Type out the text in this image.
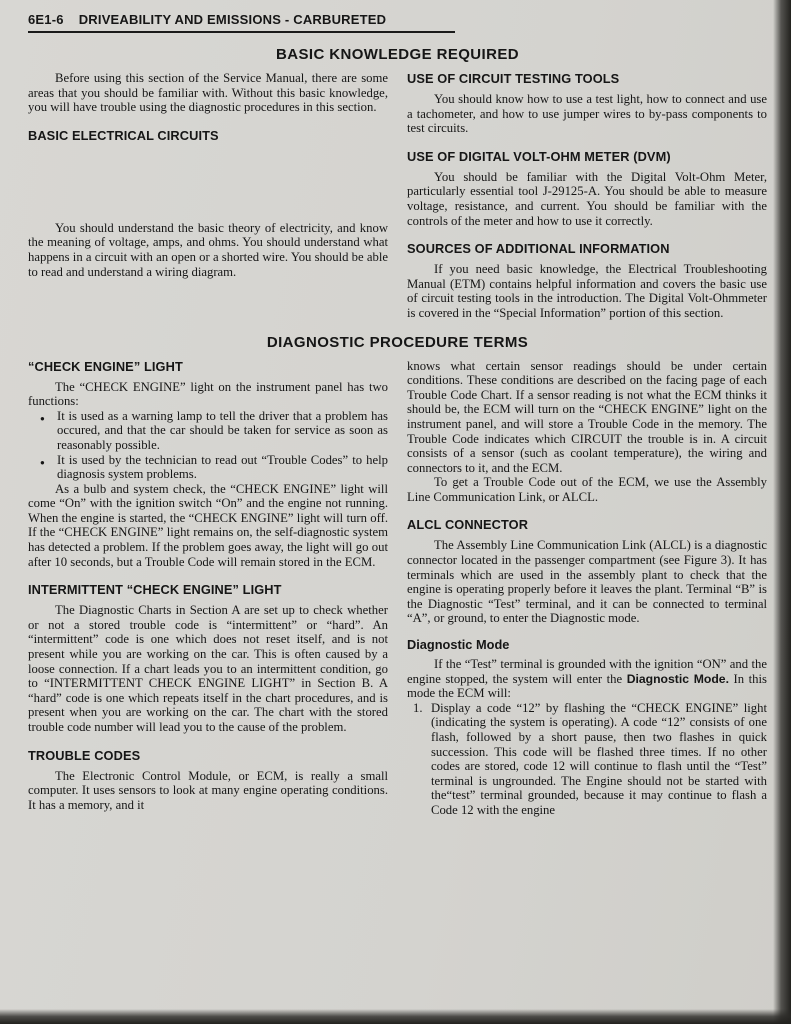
6E1-6 DRIVEABILITY AND EMISSIONS - CARBURETED
BASIC KNOWLEDGE REQUIRED

Before using this section of the Service Manual, there are some areas that you should be familiar with. Without this basic knowledge, you will have trouble using the diagnostic procedures in this section.

BASIC ELECTRICAL CIRCUITS

You should understand the basic theory of electricity, and know the meaning of voltage, amps, and ohms. You should understand what happens in a circuit with an open or a shorted wire. You should be able to read and understand a wiring diagram.

USE OF CIRCUIT TESTING TOOLS

You should know how to use a test light, how to connect and use a tachometer, and how to use jumper wires to by-pass components to test circuits.

USE OF DIGITAL VOLT-OHM METER (DVM)

You should be familiar with the Digital Volt-Ohm Meter, particularly essential tool J-29125-A. You should be able to measure voltage, resistance, and current. You should be familiar with the controls of the meter and how to use it correctly.

SOURCES OF ADDITIONAL INFORMATION

If you need basic knowledge, the Electrical Troubleshooting Manual (ETM) contains helpful information and covers the basic use of circuit testing tools in the introduction. The Digital Volt-Ohmmeter is covered in the “Special Information” portion of this section.

DIAGNOSTIC PROCEDURE TERMS
“CHECK ENGINE” LIGHT

The “CHECK ENGINE” light on the instrument panel has two functions:

●
It is used as a warning lamp to tell the driver that a problem has occured, and that the car should be taken for service as soon as reasonably possible.
●
It is used by the technician to read out “Trouble Codes” to help diagnosis system problems.

As a bulb and system check, the “CHECK ENGINE” light will come “On” with the ignition switch “On” and the engine not running. When the engine is started, the “CHECK ENGINE” light will turn off. If the “CHECK ENGINE” light remains on, the self-diagnostic system has detected a problem. If the problem goes away, the light will go out after 10 seconds, but a Trouble Code will remain stored in the ECM.

INTERMITTENT “CHECK ENGINE” LIGHT

The Diagnostic Charts in Section A are set up to check whether or not a stored trouble code is “intermittent” or “hard”. An “intermittent” code is one which does not reset itself, and is not present while you are working on the car. This is often caused by a loose connection. If a chart leads you to an intermittent condition, go to “INTERMITTENT CHECK ENGINE LIGHT” in Section B. A “hard” code is one which repeats itself in the chart procedures, and is present when you are working on the car. The chart with the stored trouble code number will lead you to the cause of the problem.

TROUBLE CODES

The Electronic Control Module, or ECM, is really a small computer. It uses sensors to look at many engine operating conditions. It has a memory, and it

knows what certain sensor readings should be under certain conditions. These conditions are described on the facing page of each Trouble Code Chart. If a sensor reading is not what the ECM thinks it should be, the ECM will turn on the “CHECK ENGINE” light on the instrument panel, and will store a Trouble Code in the memory. The Trouble Code indicates which CIRCUIT the trouble is in. A circuit consists of a sensor (such as coolant temperature), the wiring and connectors to it, and the ECM.

To get a Trouble Code out of the ECM, we use the Assembly Line Communication Link, or ALCL.

ALCL CONNECTOR

The Assembly Line Communication Link (ALCL) is a diagnostic connector located in the passenger compartment (see Figure 3). It has terminals which are used in the assembly plant to check that the engine is operating properly before it leaves the plant. Terminal “B” is the Diagnostic “Test” terminal, and it can be connected to terminal “A”, or ground, to enter the Diagnostic mode.

Diagnostic Mode

If the “Test” terminal is grounded with the ignition “ON” and the engine stopped, the system will enter the Diagnostic Mode. In this mode the ECM will:

1. Display a code “12” by flashing the “CHECK ENGINE” light (indicating the system is operating). A code “12” consists of one flash, followed by a short pause, then two flashes in quick succession. This code will be flashed three times. If no other codes are stored, code 12 will continue to flash until the “Test” terminal is ungrounded. The Engine should not be started with the“test” terminal grounded, because it may continue to flash a Code 12 with the engine
